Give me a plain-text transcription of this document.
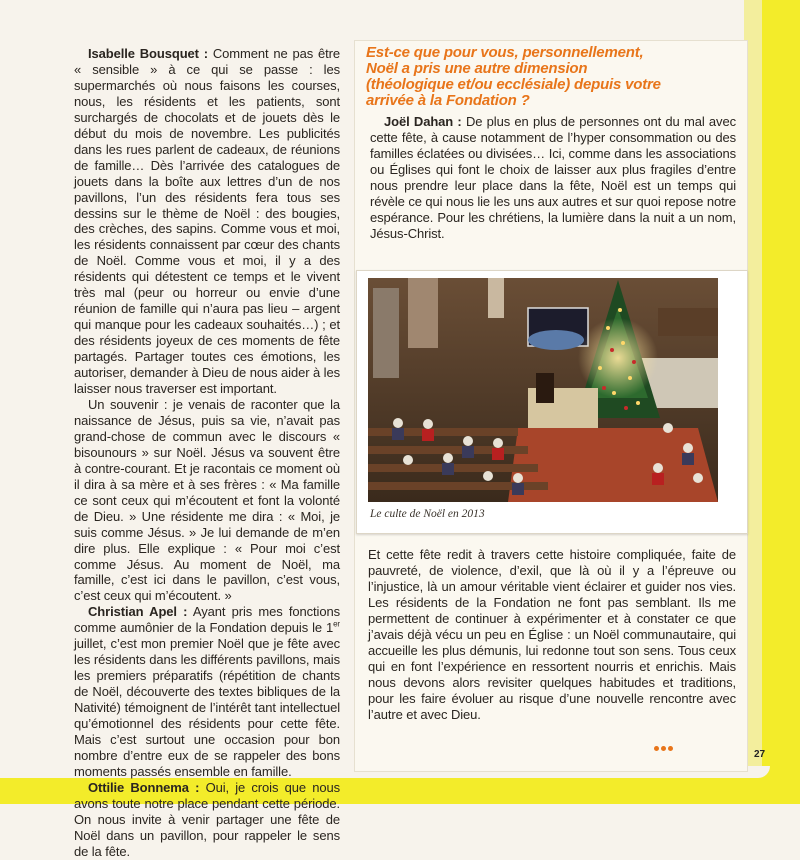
Isabelle Bousquet : Comment ne pas être « sensible » à ce qui se passe : les supermarchés où nous faisons les courses, nous, les résidents et les patients, sont surchargés de chocolats et de jouets dès le début du mois de novembre. Les publicités dans les rues parlent de cadeaux, de réunions de famille… Dès l’arrivée des catalogues de jouets dans la boîte aux lettres d’un de nos pavillons, l’un des résidents fera tous ses dessins sur le thème de Noël : des bougies, des crèches, des sapins. Comme vous et moi, les résidents connaissent par cœur des chants de Noël. Comme vous et moi, il y a des résidents qui détestent ce temps et le vivent très mal (peur ou horreur ou envie d’une réunion de famille qui n’aura pas lieu – argent qui manque pour les cadeaux souhaités…) ; et des résidents joyeux de ces moments de fête partagés. Partager toutes ces émotions, les autoriser, demander à Dieu de nous aider à les laisser nous traverser est important.

Un souvenir : je venais de raconter que la naissance de Jésus, puis sa vie, n’avait pas grand-chose de commun avec le discours « bisounours » sur Noël. Jésus va souvent être à contre-courant. Et je racontais ce moment où il dira à sa mère et à ses frères : « Ma famille ce sont ceux qui m’écoutent et font la volonté de Dieu. » Une résidente me dira : « Moi, je suis comme Jésus. » Je lui demande de m’en dire plus. Elle explique : « Pour moi c’est comme Jésus. Au moment de Noël, ma famille, c’est ici dans le pavillon, c’est vous, c’est ceux qui m’écoutent. »

Christian Apel : Ayant pris mes fonctions comme aumônier de la Fondation depuis le 1er juillet, c’est mon premier Noël que je fête avec les résidents dans les différents pavillons, mais les premiers préparatifs (répétition de chants de Noël, découverte des textes bibliques de la Nativité) témoignent de l’intérêt tant intellectuel qu’émotionnel des résidents pour cette fête. Mais c’est surtout une occasion pour bon nombre d’entre eux de se rappeler des bons moments passés ensemble en famille.

Ottilie Bonnema : Oui, je crois que nous avons toute notre place pendant cette période. On nous invite à venir partager une fête de Noël dans un pavillon, pour rappeler le sens de la fête.

Est-ce que pour vous, personnellement, Noël a pris une autre dimension (théologique et/ou ecclésiale) depuis votre arrivée à la Fondation ?

Joël Dahan : De plus en plus de personnes ont du mal avec cette fête, à cause notamment de l’hyper consommation ou des familles éclatées ou divisées… Ici, comme dans les associations ou Églises qui font le choix de laisser aux plus fragiles d’entre nous prendre leur place dans la fête, Noël est un temps qui révèle ce qui nous lie les uns aux autres et sur quoi repose notre espérance. Pour les chrétiens, la lumière dans la nuit a un nom, Jésus-Christ.

Le culte de Noël en 2013

Et cette fête redit à travers cette histoire compliquée, faite de pauvreté, de violence, d’exil, que là où il y a l’épreuve ou l’injustice, là un amour véritable vient éclairer et guider nos vies. Les résidents de la Fondation ne font pas semblant. Ils me permettent de continuer à expérimenter et à constater ce que j’avais déjà vécu un peu en Église : un Noël communautaire, qui accueille les plus démunis, lui redonne tout son sens. Tous ceux qui en font l’expérience en ressortent nourris et enrichis. Mais nous devons alors revisiter quelques habitudes et traditions, pour les faire évoluer au risque d’une nouvelle rencontre avec l’autre et avec Dieu.

27
